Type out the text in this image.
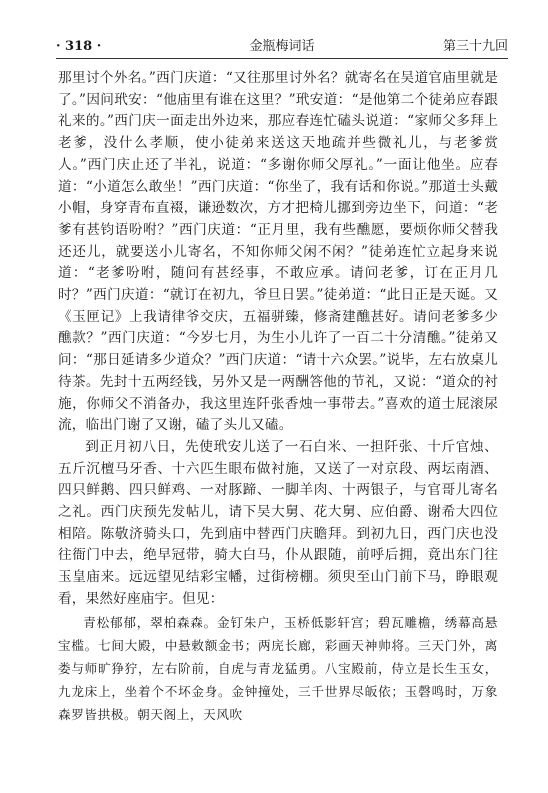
· 318 ·	金瓶梅词话	第三十九回

那里讨个外名。”西门庆道：“又往那里讨外名？就寄名在吴道官庙里就是了。”因问玳安：“他庙里有谁在这里？”玳安道：“是他第二个徒弟应春跟礼来的。”西门庆一面走出外边来，那应春连忙磕头说道：“家师父多拜上老爹，没什么孝顺，使小徒弟来送这天地疏并些微礼儿，与老爹赏人。”西门庆止还了半礼，说道：“多谢你师父厚礼。”一面让他坐。应春道：“小道怎么敢坐！”西门庆道：“你坐了，我有话和你说。”那道士头戴小帽，身穿青布直裰，谦逊数次，方才把椅儿挪到旁边坐下，问道：“老爹有甚钧语吩咐？”西门庆道：“正月里，我有些醮愿，要烦你师父替我还还儿，就要送小儿寄名，不知你师父闲不闲？”徒弟连忙立起身来说道：“老爹吩咐，随问有甚经事，不敢应承。请问老爹，订在正月几时？”西门庆道：“就订在初九，爷旦日罢。”徒弟道：“此日正是天诞。又《玉匣记》上我请律爷交庆，五福骈臻，修斋建醮甚好。请问老爹多少醮款？”西门庆道：“今岁七月，为生小儿许了一百二十分清醮。”徒弟又问：“那日延请多少道众？”西门庆道：“请十六众罢。”说毕，左右放桌儿待茶。先封十五两经钱，另外又是一两酬答他的节礼，又说：“道众的衬施，你师父不消备办，我这里连阡张香烛一事带去。”喜欢的道士屁滚尿流，临出门谢了又谢，磕了头儿又磕。

到正月初八日，先使玳安儿送了一石白米、一担阡张、十斤官烛、五斤沉檀马牙香、十六匹生眼布做衬施，又送了一对京段、两坛南酒、四只鲜鹅、四只鲜鸡、一对豚蹄、一脚羊肉、十两银子，与官哥儿寄名之礼。西门庆预先发帖儿，请下吴大舅、花大舅、应伯爵、谢希大四位相陪。陈敬济骑头口，先到庙中替西门庆瞻拜。到初九日，西门庆也没往衙门中去，绝早冠带，骑大白马，仆从跟随，前呼后拥，竟出东门往玉皇庙来。远远望见结彩宝幡，过街榜棚。须臾至山门前下马，睁眼观看，果然好座庙宇。但见：

青松郁郁，翠柏森森。金钉朱户，玉桥低影轩宫；碧瓦雕檐，绣幕高悬宝槛。七间大殿，中悬敕额金书；两庑长廊，彩画天神帅将。三天门外，离娄与师旷狰狞，左右阶前，自虎与青龙猛勇。八宝殿前，侍立是长生玉女，九龙床上，坐着个不坏金身。金钟撞处，三千世界尽皈依；玉磬鸣时，万象森罗皆拱极。朝天阁上，天风吹
